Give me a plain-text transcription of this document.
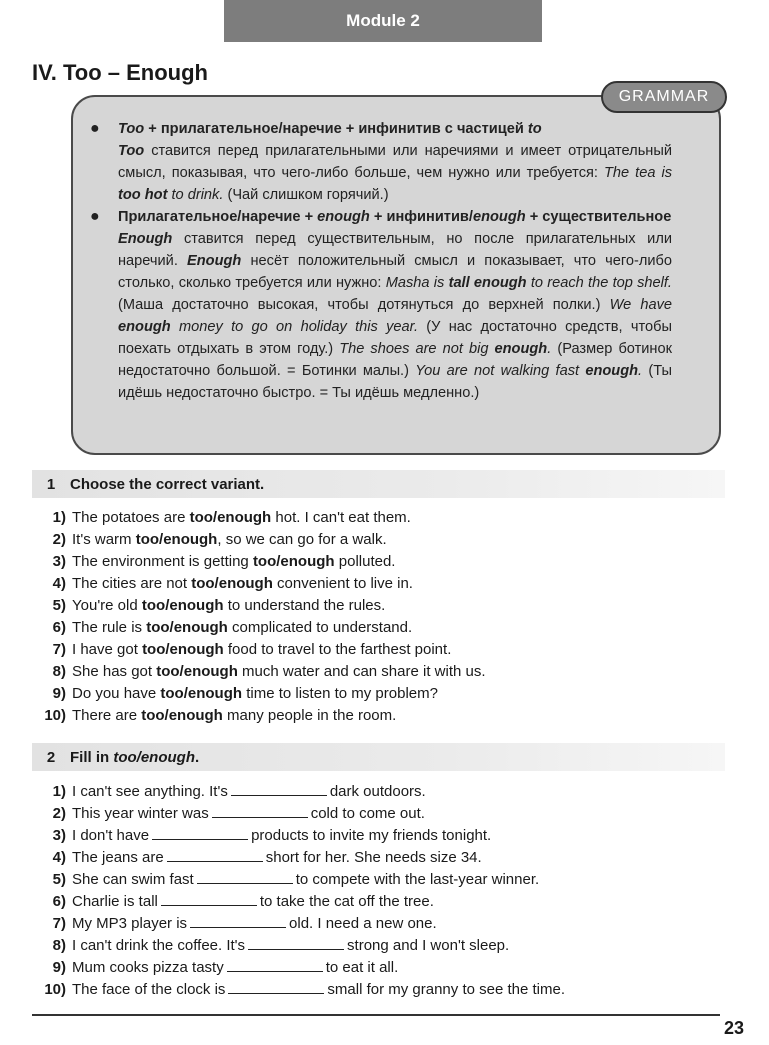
Module 2
IV. Too – Enough
GRAMMAR
● Too + прилагательное/наречие + инфинитив с частицей to
Too ставится перед прилагательными или наречиями и имеет отрицательный смысл, показывая, что чего-либо больше, чем нужно или требуется: The tea is too hot to drink. (Чай слишком горячий.)
● Прилагательное/наречие + enough + инфинитив/enough + существительное
Enough ставится перед существительным, но после прилагательных или наречий. Enough несёт положительный смысл и показывает, что чего-либо столько, сколько требуется или нужно: Masha is tall enough to reach the top shelf. (Маша достаточно высокая, чтобы дотянуться до верхней полки.) We have enough money to go on holiday this year. (У нас достаточно средств, чтобы поехать отдыхать в этом году.) The shoes are not big enough. (Размер ботинок недостаточно большой. = Ботинки малы.) You are not walking fast enough. (Ты идёшь недостаточно быстро. = Ты идёшь медленно.)
1 Choose the correct variant.
1) The potatoes are too/enough hot. I can't eat them.
2) It's warm too/enough, so we can go for a walk.
3) The environment is getting too/enough polluted.
4) The cities are not too/enough convenient to live in.
5) You're old too/enough to understand the rules.
6) The rule is too/enough complicated to understand.
7) I have got too/enough food to travel to the farthest point.
8) She has got too/enough much water and can share it with us.
9) Do you have too/enough time to listen to my problem?
10) There are too/enough many people in the room.
2 Fill in too/enough.
1) I can't see anything. It's	dark outdoors.
2) This year winter was	cold to come out.
3) I don't have	products to invite my friends tonight.
4) The jeans are	short for her. She needs size 34.
5) She can swim fast	to compete with the last-year winner.
6) Charlie is tall	to take the cat off the tree.
7) My MP3 player is	old. I need a new one.
8) I can't drink the coffee. It's	strong and I won't sleep.
9) Mum cooks pizza tasty	to eat it all.
10) The face of the clock is	small for my granny to see the time.
23
